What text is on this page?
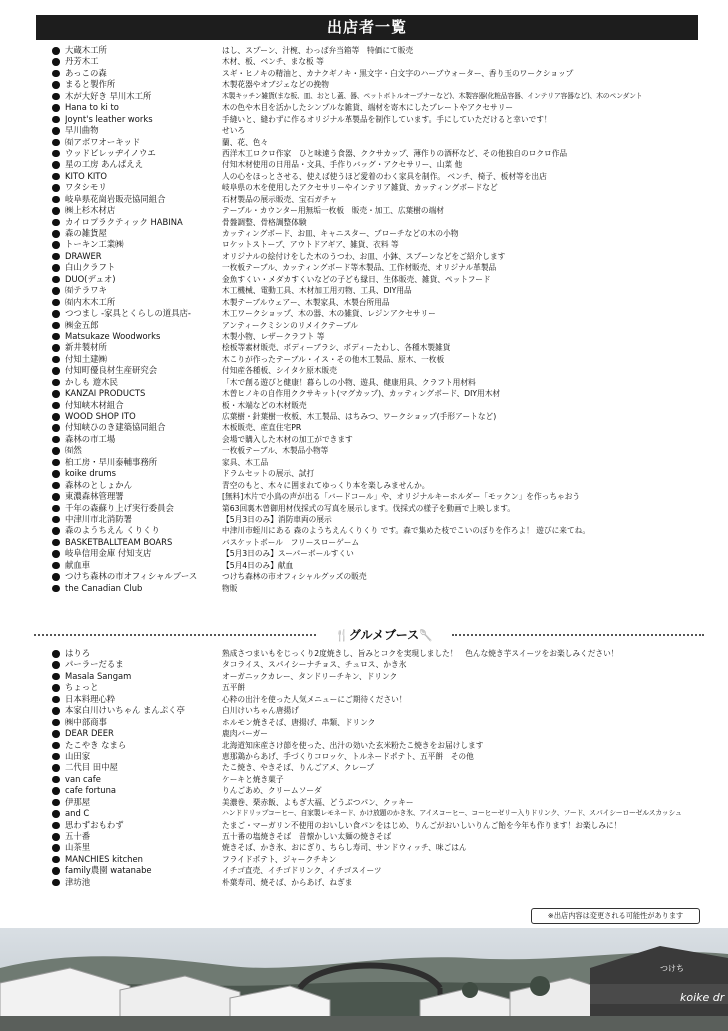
出店者一覧
大蔵木工所	はし、スプーン、汁椀、わっぱ弁当箱等　特価にて販売
丹芳木工	木材、板、ベンチ、まな板 等
あっこの森	スギ・ヒノキの精油と、カナクギノキ・黒文字・白文字のハーブウォーター、香り玉のワークショップ
まると製作所	木製花器やオブジェなどの挽物
木が大好き 早川木工所	木製キッチン雑貨(まな板、皿、おとし蓋、器、ペットボトルオープナーなど)、木製容器(化粧品容器、インテリア容器など)、木のペンダント
Hana to ki to	木の色や木目を活かしたシンプルな雑貨、端材を寄木にしたプレートやアクセサリー
Joynt's leather works	手縫いと、縫わずに作るオリジナル革製品を制作しています。手にしていただけると幸いです！
早川曲物	せいろ
㈲アボワオーキッド	蘭、花、色々
ウッドビレッヂイノウエ	西洋木工ロクロ作家　ひと味違う食器、ククサカップ、薄作りの酒杯など、その他独自のロクロ作品
星の工房 あんぱええ	付知木材使用の日用品・文具、手作りバッグ・アクセサリー、山菜 他
KITO KITO	人の心をほっとさせる、使えば使うほど愛着のわく家具を制作。 ベンチ、椅子、板材等を出店
ワタシモリ	岐阜県の木を使用したアクセサリーやインテリア雑貨、カッティングボードなど
岐阜県花崗岩販売協同組合	石材製品の展示販売、宝石ガチャ
㈱上杉木材店	テーブル・カウンター用無垢一枚板　販売・加工、広葉樹の端材
カイロプラクティック HABINA	骨盤調整、骨格調整体験
森の雑貨屋	カッティングボード、お皿、キャニスター、ブローチなどの木の小物
トーキン工業㈱	ロケットストーブ、アウトドアギア、雑貨、衣料 等
DRAWER	オリジナルの絵付けをした木のうつわ、お皿、小鉢、スプーンなどをご紹介します
白山クラフト	一枚板テーブル、カッティングボード等木製品、工作材販売、オリジナル革製品
DUO(デュオ)	金魚すくい・メダカすくいなどの子ども縁日、生体販売、雑貨、ペットフード
㈲テラワキ	木工機械、電動工具、木材加工用刃物、工具、DIY用品
㈲内木木工所	木製テーブルウェアー、木製家具、木製台所用品
つつまし -家具とくらしの道具店-	木工ワークショップ、木の器、木の雑貨、レジンアクセサリー
㈱金五郎	アンティークミシンのリメイクテーブル
Matsukaze Woodworks	木製小物、レザークラフト 等
新井製材所	桧板等素材販売、ボディーブラシ、ボディーたわし、各種木製雑貨
付知土建㈱	木こりが作ったテーブル・イス・その他木工製品、原木、一枚板
付知町優良材生産研究会	付知産各種板、シイタケ原木販売
かしも 遊木民	「木で創る遊びと健康！暮らしの小物、遊具、健康用具、クラフト用材料
KANZAI PRODUCTS	木曽ヒノキの自作用ククサキット(マグカップ)、カッティングボード、DIY用木材
付知峡木材組合	板・木端などの木材販売
WOOD SHOP ITO	広葉樹・針葉樹一枚板、木工製品、はちみつ、ワークショップ(手形アートなど)
付知峡ひのき建築協同組合	木板販売、産直住宅PR
森林の市工場	会場で購入した木材の加工ができます
㈲然	一枚板テーブル、木製品小物等
桕工房・早川泰輔事務所	家具、木工品
koike drums	ドラムセットの展示、試打
森林のとしょかん	青空のもと、木々に囲まれてゆっくり本を楽しみませんか。
東濃森林管理署	[無料]木片で小鳥の声が出る「バードコール」や、オリジナルキーホルダー「モックン」を作っちゃおう
千年の森蘇り上げ実行委員会	第63回裏木曽御用材伐採式の写真を展示します。伐採式の様子を動画で上映します。
中津川市北消防署	【5月3日のみ】消防車両の展示
森のようちえん くりくり	中津川市蛭川にある 森のようちえんくりくり です。森で集めた枝でこいのぼりを作ろよ！ 遊びに来てね。
BASKETBALLTEAM BOARS	バスケットボール　フリースローゲーム
岐阜信用金庫 付知支店	【5月3日のみ】スーパーボールすくい
献血車	【5月4日のみ】献血
つけち森林の市オフィシャルブース	つけち森林の市オフィシャルグッズの販売
the Canadian Club	物販
🍴グルメブース🥄
はりろ	熟成さつまいもをじっくり2度焼きし、旨みとコクを実現しました！　色んな焼き芋スイーツをお楽しみください！
パーラーだるま	タコライス、スパイシーナチョス、チュロス、かき氷
Masala Sangam	オーガニックカレー、タンドリーチキン、ドリンク
ちょっと	五平餅
日本料理心粋	心粋の出汁を使った人気メニューにご期待ください！
本家白川けいちゃん まんぷく亭	白川けいちゃん唐揚げ
㈱中部商事	ホルモン焼きそば、唐揚げ、串類、ドリンク
DEAR DEER	鹿肉バーガー
たこやき なまら	北海道知床産さけ節を使った、出汁の効いた玄米粉たこ焼きをお届けします
山田家	恵那鶏からあげ、手づくりコロッケ、トルネードポテト、五平餅　その他
二代目 田中屋	たこ焼き、やきそば、りんごアメ、クレープ
van cafe	ケーキと焼き菓子
cafe fortuna	りんごあめ、クリームソーダ
伊那屋	美濃巻、栗赤飯、よもぎ大福、どうぶつパン、クッキー
and C	ハンドドリップコーヒー、自家製レモネード、かけ放題のかき氷、アイスコーヒー、コーヒーゼリー入りドリンク、フード、スパイシーローゼルスカッシュ
思わずおもわず	たまご・マーガリン不使用のおいしい食パンをはじめ、りんごがおいしいりんご飴を今年も作ります！お楽しみに！
五十番	五十番の塩焼きそば　昔懐かしい太麺の焼きそば
山茶里	焼きそば、かき氷、おにぎり、ちらし寿司、サンドウィッチ、味ごはん
MANCHIES kitchen	フライドポテト、ジャークチキン
family農園 watanabe	イチゴ直売、イチゴドリンク、イチゴスイーツ
津坊池	朴葉寿司、焼そば、からあげ、ねぎま
※出店内容は変更される可能性があります
koike dr
つけち
